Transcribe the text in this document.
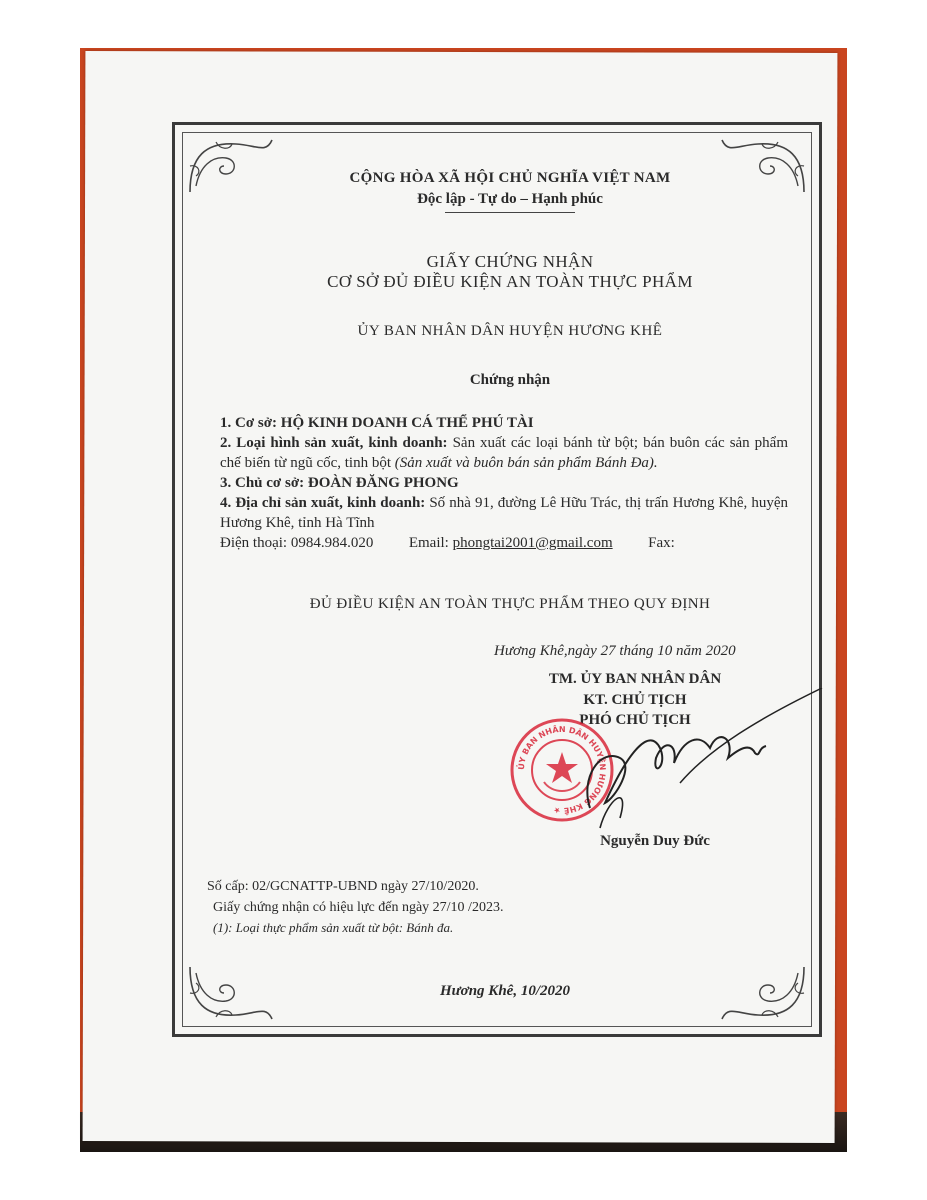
CỘNG HÒA XÃ HỘI CHỦ NGHĨA VIỆT NAM
Độc lập - Tự do – Hạnh phúc
GIẤY CHỨNG NHẬN
CƠ SỞ ĐỦ ĐIỀU KIỆN AN TOÀN THỰC PHẨM
ỦY BAN NHÂN DÂN HUYỆN HƯƠNG KHÊ
Chứng nhận
1. Cơ sở: HỘ KINH DOANH CÁ THỂ PHÚ TÀI
2. Loại hình sản xuất, kinh doanh: Sản xuất các loại bánh từ bột; bán buôn các sản phẩm chế biến từ ngũ cốc, tinh bột (Sản xuất và buôn bán sản phẩm Bánh Đa).
3. Chủ cơ sở: ĐOÀN ĐĂNG PHONG
4. Địa chỉ sản xuất, kinh doanh: Số nhà 91, đường Lê Hữu Trác, thị trấn Hương Khê, huyện Hương Khê, tỉnh Hà Tĩnh
Điện thoại: 0984.984.020 Email: phongtai2001@gmail.com Fax:
ĐỦ ĐIỀU KIỆN AN TOÀN THỰC PHẨM THEO QUY ĐỊNH
Hương Khê,ngày 27 tháng 10 năm 2020
TM. ỦY BAN NHÂN DÂN
KT. CHỦ TỊCH
PHÓ CHỦ TỊCH
ỦY BAN NHÂN DÂN HUYỆN HƯƠNG KHÊ ★
Nguyễn Duy Đức
Số cấp: 02/GCNATTP-UBND ngày 27/10/2020.
Giấy chứng nhận có hiệu lực đến ngày 27/10 /2023.
(1): Loại thực phẩm sản xuất từ bột: Bánh đa.
Hương Khê, 10/2020
